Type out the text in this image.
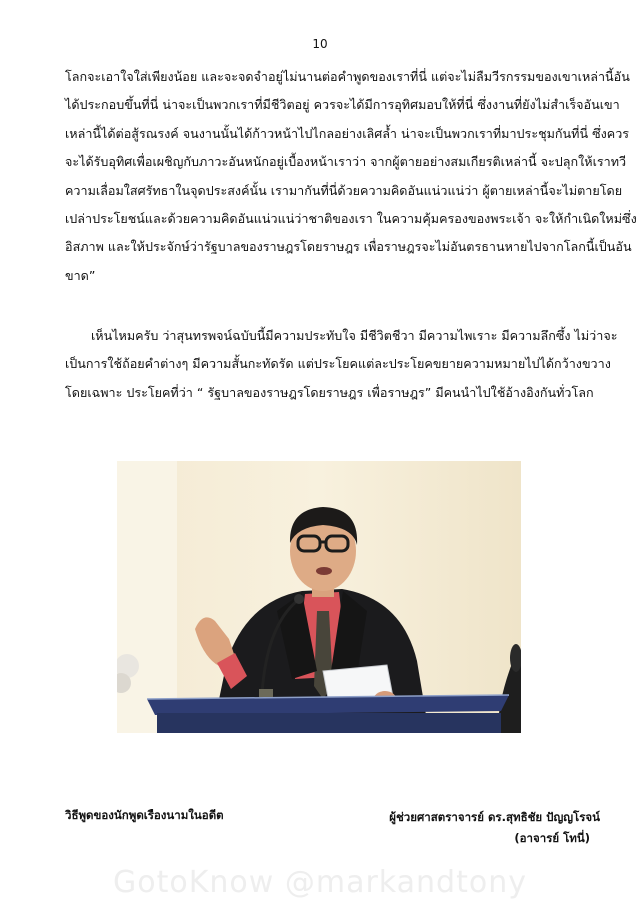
10

โลกจะเอาใจใส่เพียงน้อย และจะจดจำอยู่ไม่นานต่อคำพูดของเราที่นี่ แต่จะไม่ลืมวีรกรรมของเขาเหล่านี้อัน
ได้ประกอบขึ้นที่นี่ น่าจะเป็นพวกเราที่มีชีวิตอยู่ ควรจะได้มีการอุทิศมอบให้ที่นี่ ซึ่งงานที่ยังไม่สำเร็จอันเขา
เหล่านี้ได้ต่อสู้รณรงค์ จนงานนั้นได้ก้าวหน้าไปไกลอย่างเลิศล้ำ น่าจะเป็นพวกเราที่มาประชุมกันที่นี่ ซึ่งควร
จะได้รับอุทิศเพื่อเผชิญกับภาวะอันหนักอยู่เบื้องหน้าเราว่า จากผู้ตายอย่างสมเกียรติเหล่านี้ จะปลุกให้เราทวี
ความเลื่อมใสศรัทธาในจุดประสงค์นั้น เรามากันที่นี่ด้วยความคิดอันแน่วแน่ว่า ผู้ตายเหล่านี้จะไม่ตายโดย
เปล่าประโยชน์และด้วยความคิดอันแน่วแน่ว่าชาติของเรา ในความคุ้มครองของพระเจ้า จะให้กำเนิดใหม่ซึ่ง
อิสภาพ และให้ประจักษ์ว่ารัฐบาลของราษฎรโดยราษฎร เพื่อราษฎรจะไม่อันตรธานหายไปจากโลกนี้เป็นอัน
ขาด”

เห็นไหมครับ ว่าสุนทรพจน์ฉบับนี้มีความประทับใจ มีชีวิตชีวา มีความไพเราะ มีความลึกซึ้ง ไม่ว่าจะ
เป็นการใช้ถ้อยคำต่างๆ มีความสั้นกะทัดรัด แต่ประโยคแต่ละประโยคขยายความหมายไปได้กว้างขวาง
โดยเฉพาะ ประโยคที่ว่า “ รัฐบาลของราษฎรโดยราษฎร เพื่อราษฎร” มีคนนำไปใช้อ้างอิงกันทั่วโลก

วิธีพูดของนักพูดเรืองนามในอดีต	ผู้ช่วยศาสตราจารย์ ดร.สุทธิชัย ปัญญโรจน์
(อาจารย์ โทนี่)
GotoKnow @markandtony
